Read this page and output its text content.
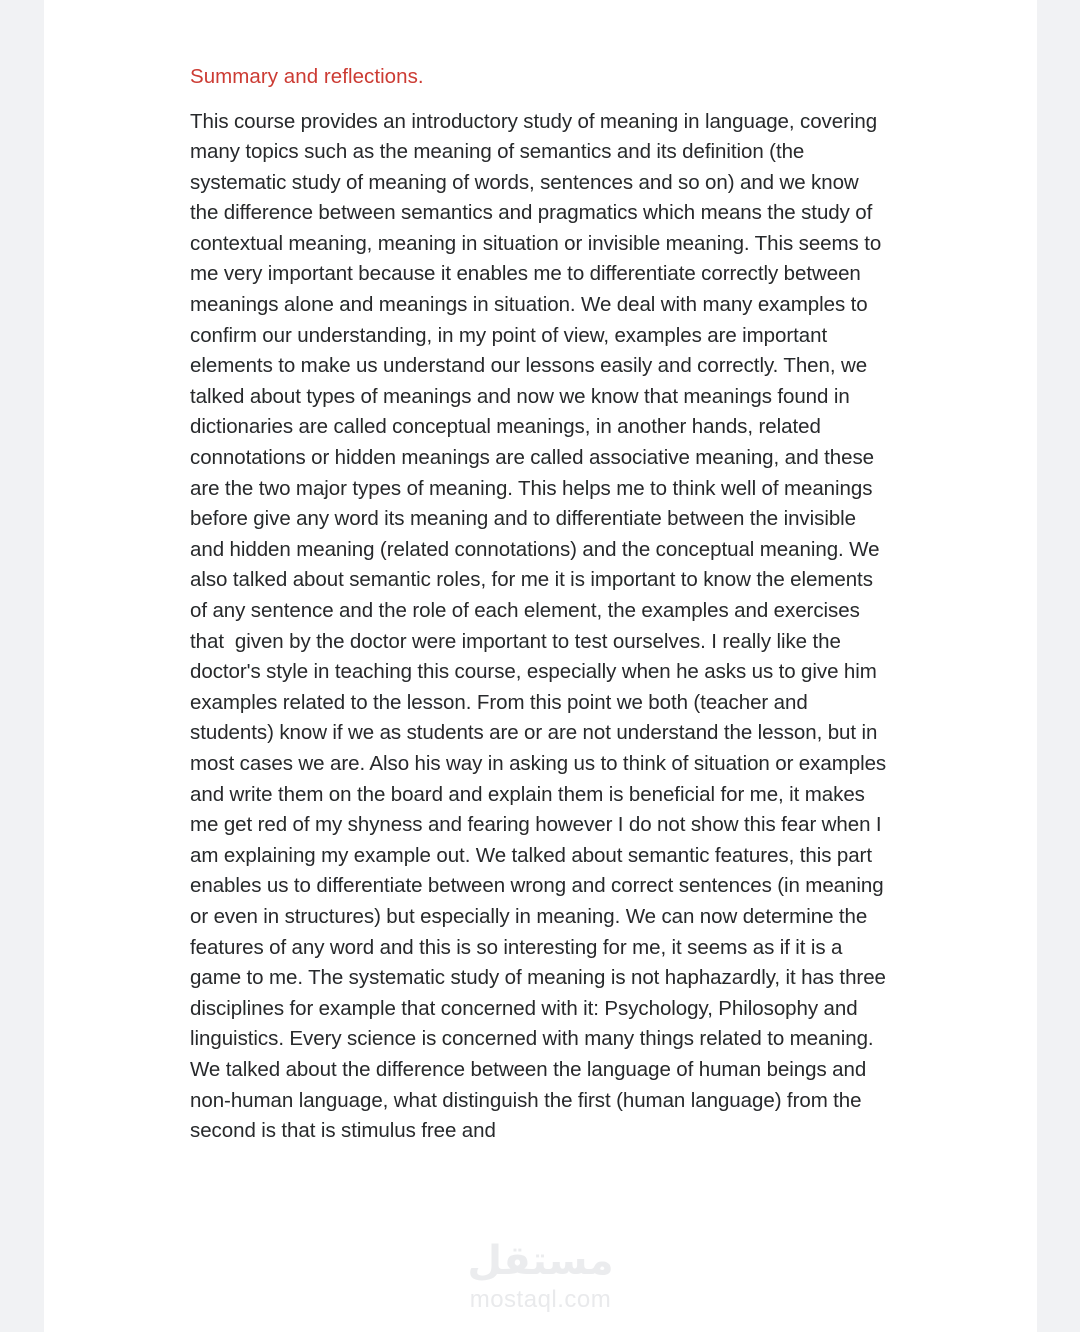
Summary and reflections.

This course provides an introductory study of meaning in language, covering many topics such as the meaning of semantics and its definition (the systematic study of meaning of words, sentences and so on) and we know the difference between semantics and pragmatics which means the study of contextual meaning, meaning in situation or invisible meaning. This seems to me very important because it enables me to differentiate correctly between meanings alone and meanings in situation. We deal with many examples to confirm our understanding, in my point of view, examples are important elements to make us understand our lessons easily and correctly. Then, we talked about types of meanings and now we know that meanings found in dictionaries are called conceptual meanings, in another hands, related connotations or hidden meanings are called associative meaning, and these are the two major types of meaning. This helps me to think well of meanings before give any word its meaning and to differentiate between the invisible and hidden meaning (related connotations) and the conceptual meaning. We also talked about semantic roles, for me it is important to know the elements of any sentence and the role of each element, the examples and exercises that  given by the doctor were important to test ourselves. I really like the doctor's style in teaching this course, especially when he asks us to give him examples related to the lesson. From this point we both (teacher and students) know if we as students are or are not understand the lesson, but in most cases we are. Also his way in asking us to think of situation or examples and write them on the board and explain them is beneficial for me, it makes me get red of my shyness and fearing however I do not show this fear when I am explaining my example out. We talked about semantic features, this part enables us to differentiate between wrong and correct sentences (in meaning or even in structures) but especially in meaning. We can now determine the features of any word and this is so interesting for me, it seems as if it is a game to me. The systematic study of meaning is not haphazardly, it has three disciplines for example that concerned with it: Psychology, Philosophy and linguistics. Every science is concerned with many things related to meaning. We talked about the difference between the language of human beings and non-human language, what distinguish the first (human language) from the second is that is stimulus free and

مستقل
mostaql.com
